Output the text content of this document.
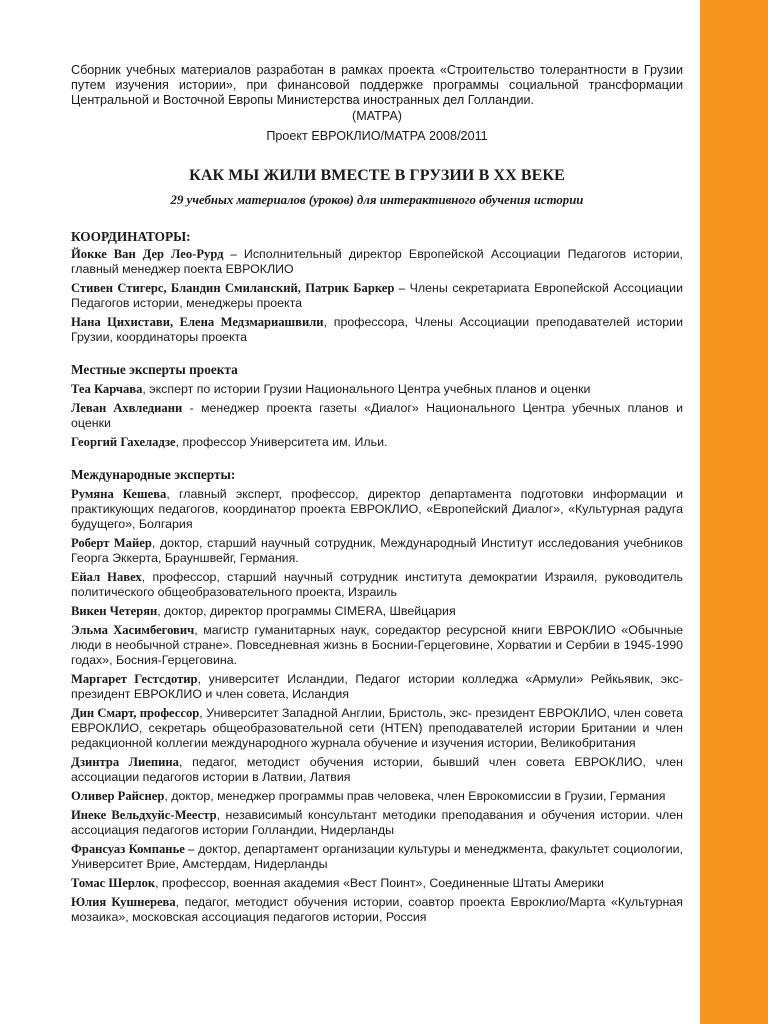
Сборник учебных материалов разработан в рамках проекта «Строительство толерантности в Грузии путем изучения истории», при финансовой поддержке программы социальной трансформации Центральной и Восточной Европы Министерства иностранных дел Голландии.
(МАТРА)
Проект ЕВРОКЛИО/МАТРА 2008/2011
КАК МЫ ЖИЛИ ВМЕСТЕ В ГРУЗИИ В ХХ ВЕКЕ
29 учебных материалов (уроков) для интерактивного обучения истории
КООРДИНАТОРЫ:
Йокке Ван Дер Лео-Рурд – Исполнительный директор Европейской Ассоциации Педагогов истории, главный менеджер поекта ЕВРОКЛИО
Стивен Стигерс, Бландин Смиланский, Патрик Баркер – Члены секретариата Европейской Ассоциации Педагогов истории, менеджеры проекта
Нана Цихистави, Елена Медзмариашвили, профессора, Члены Ассоциации преподавателей истории Грузии, координаторы проекта
Местные эксперты проекта
Теа Карчава, эксперт по истории Грузии Национального Центра учебных планов и оценки
Леван Ахвледиани - менеджер проекта газеты «Диалог» Национального Центра убечных планов и оценки
Георгий Гахеладзе, профессор Университета им. Ильи.
Международные эксперты:
Румяна Кешева, главный эксперт, профессор, директор департамента подготовки информации и практикующих педагогов, координатор проекта ЕВРОКЛИО, «Европейский Диалог», «Культурная радуга будущего», Болгария
Роберт Майер, доктор, старший научный сотрудник, Международный Институт исследования учебников Георга Эккерта, Брауншвейг, Германия.
Ейал Навех, профессор, старший научный сотрудник института демократии Израиля, руководитель политического общеобразовательного проекта, Израиль
Викен Четерян, доктор, директор программы CIMERA, Швейцария
Эльма Хасимбегович, магистр гуманитарных наук, соредактор ресурсной книги ЕВРОКЛИО «Обычные люди в необычной стране». Повседневная жизнь в Боснии-Герцеговине, Хорватии и Сербии в 1945-1990 годах», Босния-Герцеговина.
Маргарет Гестсдотир, университет Исландии, Педагог истории колледжа «Армули» Рейкьявик, экс-президент ЕВРОКЛИО и член совета, Исландия
Дин Смарт, профессор, Университет Западной Англии, Бристоль, экс- президент ЕВРОКЛИО, член совета ЕВРОКЛИО, секретарь общеобразовательной сети (HTEN) преподавателей истории Британии и член редакционной коллегии международного журнала обучение и изучения истории, Великобритания
Дзинтра Лиепина, педагог, методист обучения истории, бывший член совета ЕВРОКЛИО, член ассоциации педагогов истории в Латвии, Латвия
Оливер Райснер, доктор, менеджер программы прав человека, член Еврокомиссии в Грузии, Германия
Инеке Вельдхуйс-Меестр, независимый консультант методики преподавания и обучения истории. член ассоциация педагогов истории Голландии, Нидерланды
Франсуаз Компанье – доктор, департамент организации культуры и менеджмента, факультет социологии, Университет Врие, Амстердам, Нидерланды
Томас Шерлок, профессор, военная академия «Вест Поинт», Соединенные Штаты Америки
Юлия Кушнерева, педагог, методист обучения истории, соавтор проекта Евроклио/Марта «Культурная мозаика», московская ассоциация педагогов истории, Россия
